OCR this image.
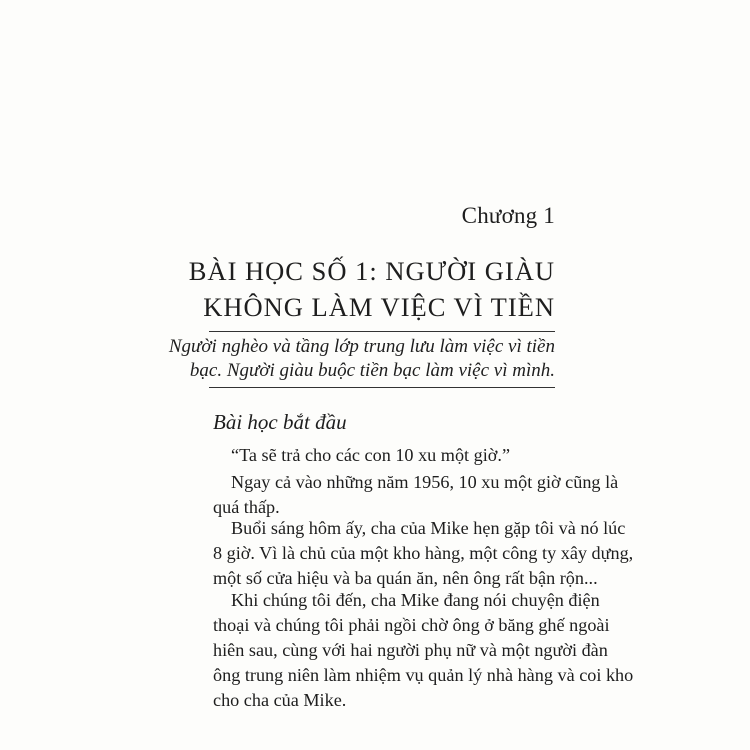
Chương 1
BÀI HỌC SỐ 1: NGƯỜI GIÀU
KHÔNG LÀM VIỆC VÌ TIỀN
Người nghèo và tầng lớp trung lưu làm việc vì tiền
bạc. Người giàu buộc tiền bạc làm việc vì mình.
Bài học bắt đầu
“Ta sẽ trả cho các con 10 xu một giờ.”
Ngay cả vào những năm 1956, 10 xu một giờ cũng là
quá thấp.
Buổi sáng hôm ấy, cha của Mike hẹn gặp tôi và nó lúc
8 giờ. Vì là chủ của một kho hàng, một công ty xây dựng,
một số cửa hiệu và ba quán ăn, nên ông rất bận rộn...
Khi chúng tôi đến, cha Mike đang nói chuyện điện
thoại và chúng tôi phải ngồi chờ ông ở băng ghế ngoài
hiên sau, cùng với hai người phụ nữ và một người đàn
ông trung niên làm nhiệm vụ quản lý nhà hàng và coi kho
cho cha của Mike.
